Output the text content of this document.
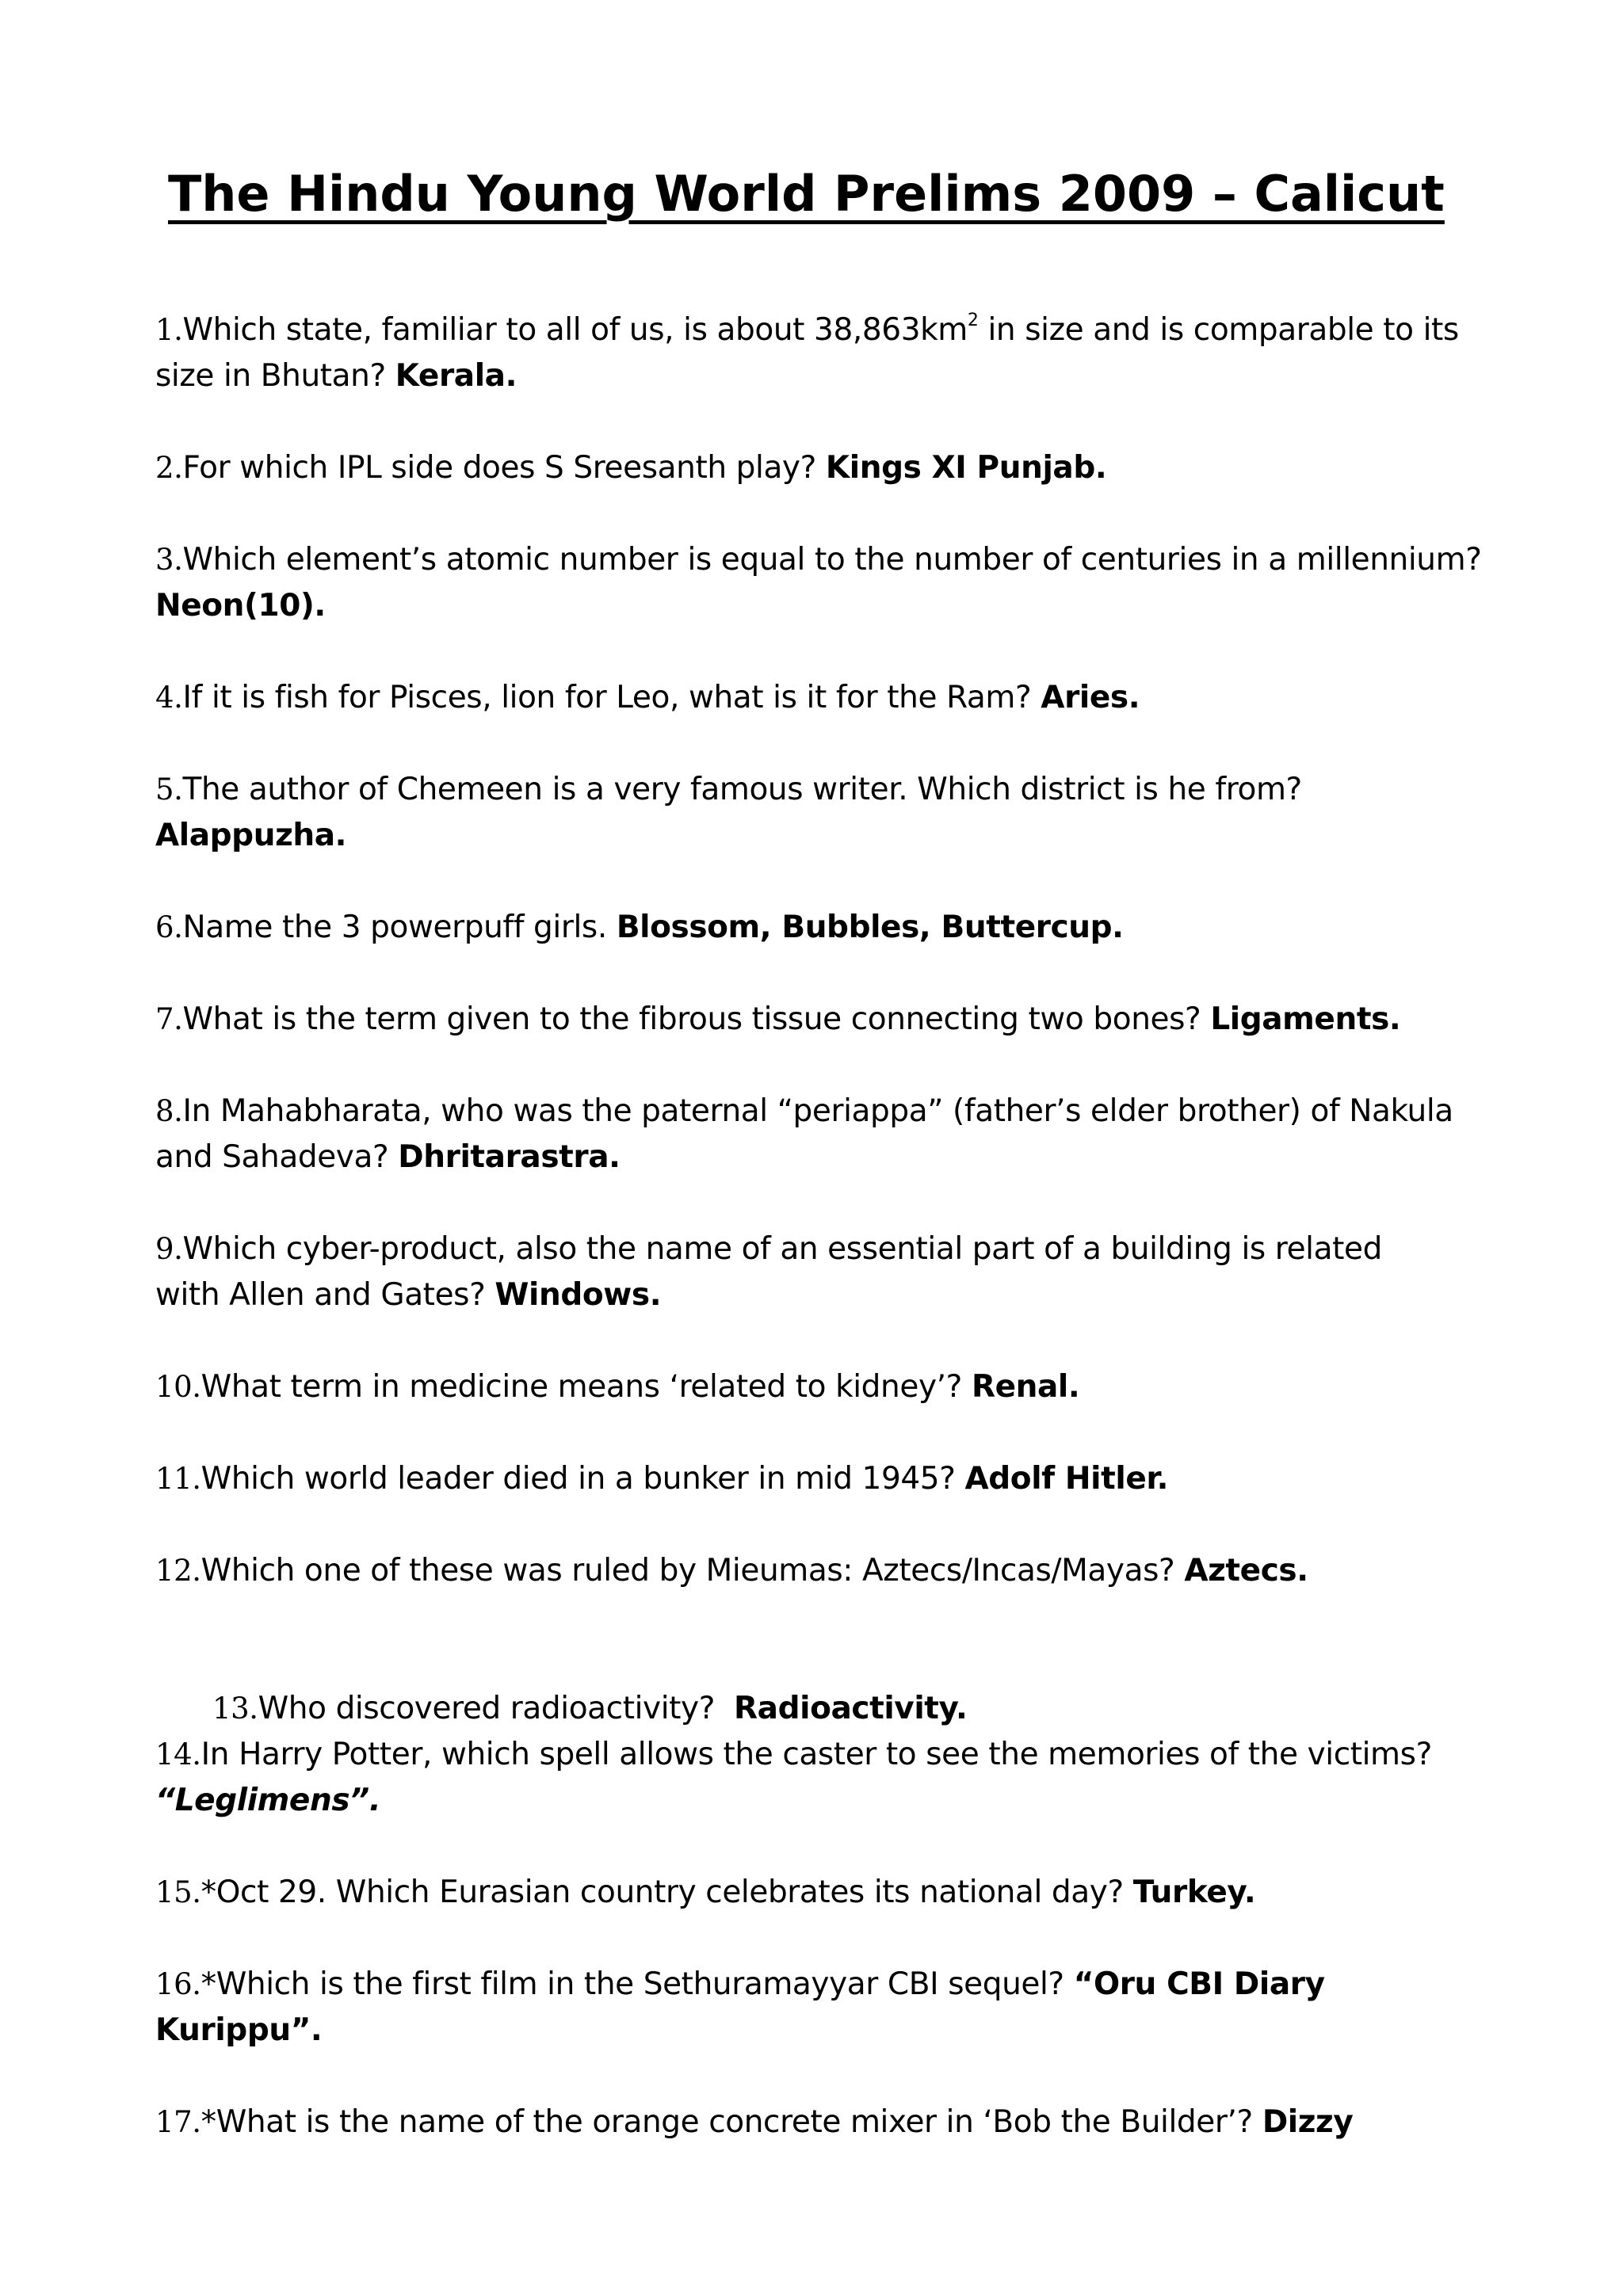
The Hindu Young World Prelims 2009 – Calicut

1.Which state, familiar to all of us, is about $38,863km^2$ in size and is comparable to its size in Bhutan? Kerala.

2.For which IPL side does S Sreesanth play? Kings XI Punjab.

3.Which element’s atomic number is equal to the number of centuries in a millennium? Neon(10).

4.If it is fish for Pisces, lion for Leo, what is it for the Ram? Aries.

5.The author of Chemeen is a very famous writer. Which district is he from? Alappuzha.

6.Name the 3 powerpuff girls. Blossom, Bubbles, Buttercup.

7.What is the term given to the fibrous tissue connecting two bones? Ligaments.

8.In Mahabharata, who was the paternal “periappa” (father’s elder brother) of Nakula and Sahadeva? Dhritarastra.

9.Which cyber-product, also the name of an essential part of a building is related with Allen and Gates? Windows.

10.What term in medicine means ‘related to kidney’? Renal.

11.Which world leader died in a bunker in mid 1945? Adolf Hitler.

12.Which one of these was ruled by Mieumas: Aztecs/Incas/Mayas? Aztecs.

13.Who discovered radioactivity?  Radioactivity.

14.In Harry Potter, which spell allows the caster to see the memories of the victims? “Leglimens”.

15.*Oct 29. Which Eurasian country celebrates its national day? Turkey.

16.*Which is the first film in the Sethuramayyar CBI sequel? “Oru CBI Diary Kurippu”.

17.*What is the name of the orange concrete mixer in ‘Bob the Builder’? Dizzy
